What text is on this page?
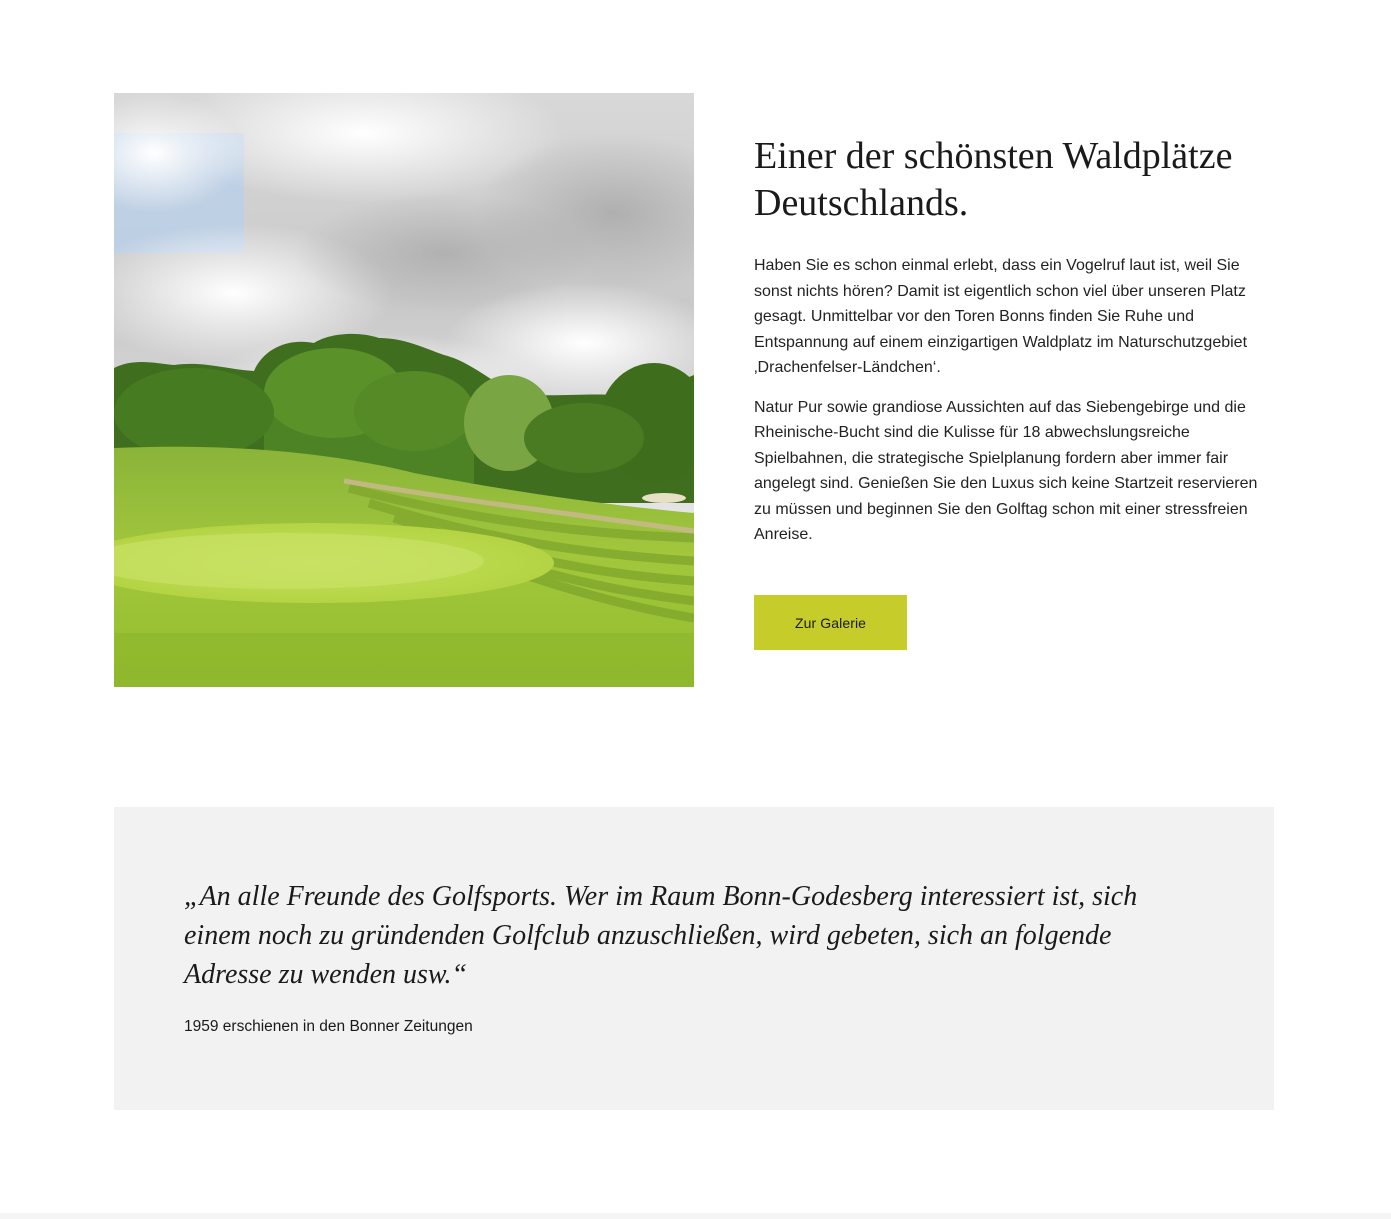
Einer der schönsten Waldplätze
Deutschlands.

Haben Sie es schon einmal erlebt, dass ein Vogelruf laut ist, weil Sie sonst nichts hören? Damit ist eigentlich schon viel über unseren Platz gesagt. Unmittelbar vor den Toren Bonns finden Sie Ruhe und Entspannung auf einem einzigartigen Waldplatz im Naturschutzgebiet ‚Drachenfelser-Ländchen‘.

Natur Pur sowie grandiose Aussichten auf das Siebengebirge und die Rheinische-Bucht sind die Kulisse für 18 abwechslungsreiche Spielbahnen, die strategische Spielplanung fordern aber immer fair angelegt sind. Genießen Sie den Luxus sich keine Startzeit reservieren zu müssen und beginnen Sie den Golftag schon mit einer stressfreien Anreise.

Zur Galerie
„An alle Freunde des Golfsports. Wer im Raum Bonn-Godesberg interessiert ist, sich einem noch zu gründenden Golfclub anzuschließen, wird gebeten, sich an folgende Adresse zu wenden usw.“

1959 erschienen in den Bonner Zeitungen
